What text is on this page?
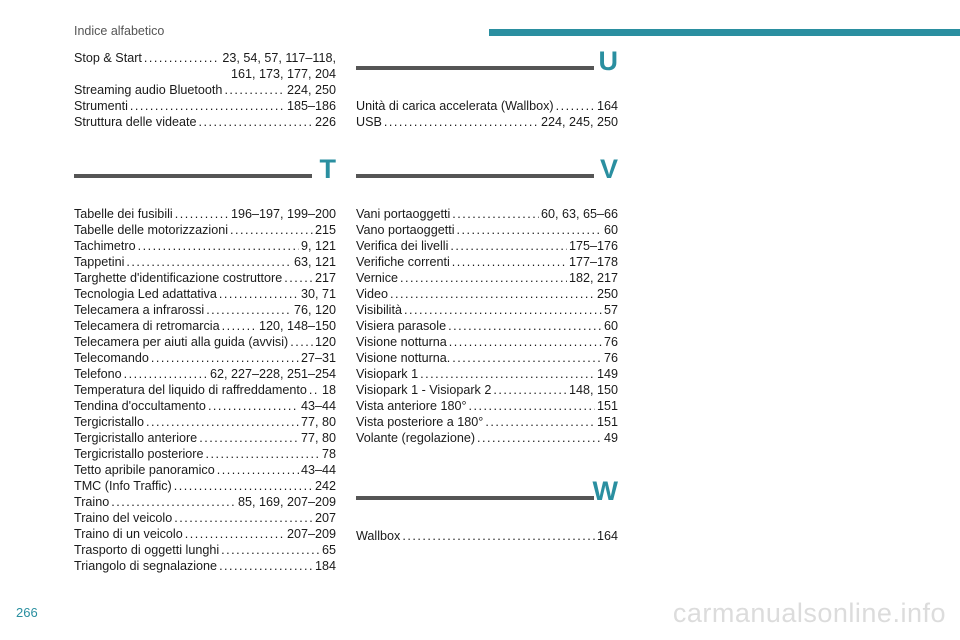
Indice alfabetico
Stop & Start . . .	23, 54, 57, 117–118,
161, 173, 177, 204
Streaming audio Bluetooth . . .	224, 250
Strumenti . . .	185–186
Struttura delle videate . . .	226
T
Tabelle dei fusibili . . .	196–197, 199–200
Tabelle delle motorizzazioni . . .	215
Tachimetro . . .	9, 121
Tappetini . . .	63, 121
Targhette d'identificazione costruttore . . .	217
Tecnologia Led adattativa . . .	30, 71
Telecamera a infrarossi . . .	76, 120
Telecamera di retromarcia . . .	120, 148–150
Telecamera per aiuti alla guida (avvisi) . . . 120
Telecomando . . .	27–31
Telefono . . .	62, 227–228, 251–254
Temperatura del liquido di raffreddamento . . . 18
Tendina d'occultamento . . .	43–44
Tergicristallo . . .	77, 80
Tergicristallo anteriore . . .	77, 80
Tergicristallo posteriore . . .	78
Tetto apribile panoramico . . .	43–44
TMC (Info Traffic) . . .	242
Traino . . .	85, 169, 207–209
Traino del veicolo . . .	207
Traino di un veicolo . . .	207–209
Trasporto di oggetti lunghi . . .	65
Triangolo di segnalazione . . .	184
U
Unità di carica accelerata (Wallbox) . . .	164
USB . . .	224, 245, 250
V
Vani portaoggetti . . .	60, 63, 65–66
Vano portaoggetti . . .	60
Verifica dei livelli . . .	175–176
Verifiche correnti . . .	177–178
Vernice . . .	182, 217
Video . . .	250
Visibilità . . .	57
Visiera parasole . . .	60
Visione notturna . . .	76
Visione notturna. . . .	76
Visiopark 1 . . .	149
Visiopark 1 - Visiopark 2 . . .	148, 150
Vista anteriore 180° . . .	151
Vista posteriore a 180° . . .	151
Volante (regolazione) . . .	49
W
Wallbox . . .	164
266	carmanualsonline.info
